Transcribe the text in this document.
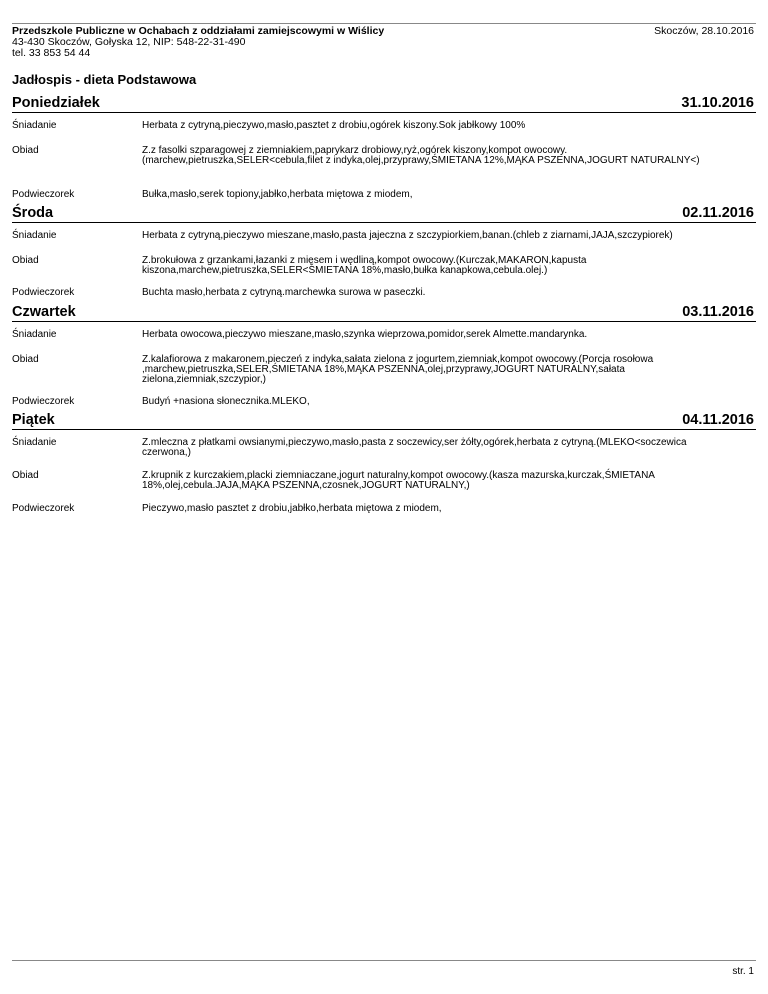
Przedszkole Publiczne w Ochabach z oddziałami zamiejscowymi w Wiślicy
43-430 Skoczów, Gołyska 12, NIP: 548-22-31-490
tel. 33 853 54 44
Skoczów, 28.10.2016
Jadłospis - dieta Podstawowa
Poniedziałek	31.10.2016
Śniadanie	Herbata z cytryną,pieczywo,masło,pasztet z drobiu,ogórek kiszony.Sok jabłkowy 100%
Obiad	Z.z fasolki szparagowej z ziemniakiem,paprykarz drobiowy,ryż,ogórek kiszony,kompot owocowy.(marchew,pietruszka,SELER<cebula,filet z indyka,olej,przyprawy,ŚMIETANA 12%,MĄKA PSZENNA,JOGURT NATURALNY<)
Podwieczorek	Bułka,masło,serek topiony,jabłko,herbata miętowa z miodem,
Środa	02.11.2016
Śniadanie	Herbata z cytryną,pieczywo mieszane,masło,pasta jajeczna z szczypiorkiem,banan.(chleb z ziarnami,JAJA,szczypiorek)
Obiad	Z.brokułowa z grzankami,łazanki z mięsem i wędliną,kompot owocowy.(Kurczak,MAKARON,kapusta kiszona,marchew,pietruszka,SELER<ŚMIETANA 18%,masło,bułka kanapkowa,cebula.olej.)
Podwieczorek	Buchta masło,herbata z cytryną.marchewka surowa w paseczki.
Czwartek	03.11.2016
Śniadanie	Herbata owocowa,pieczywo mieszane,masło,szynka wieprzowa,pomidor,serek Almette.mandarynka.
Obiad	Z.kalafiorowa z makaronem,pieczeń z indyka,sałata zielona z jogurtem,ziemniak,kompot owocowy.(Porcja rosołowa ,marchew,pietruszka,SELER,ŚMIETANA 18%,MĄKA PSZENNA,olej,przyprawy,JOGURT NATURALNY,sałata zielona,ziemniak,szczypior,)
Podwieczorek	Budyń +nasiona słonecznika.MLEKO,
Piątek	04.11.2016
Śniadanie	Z.mleczna z płatkami owsianymi,pieczywo,masło,pasta z soczewicy,ser żółty,ogórek,herbata z cytryną.(MLEKO<soczewica czerwona,)
Obiad	Z.krupnik z kurczakiem,placki ziemniaczane,jogurt naturalny,kompot owocowy.(kasza mazurska,kurczak,ŚMIETANA 18%,olej,cebula.JAJA,MĄKA PSZENNA,czosnek,JOGURT NATURALNY,)
Podwieczorek	Pieczywo,masło pasztet z drobiu,jabłko,herbata miętowa z miodem,
str. 1
